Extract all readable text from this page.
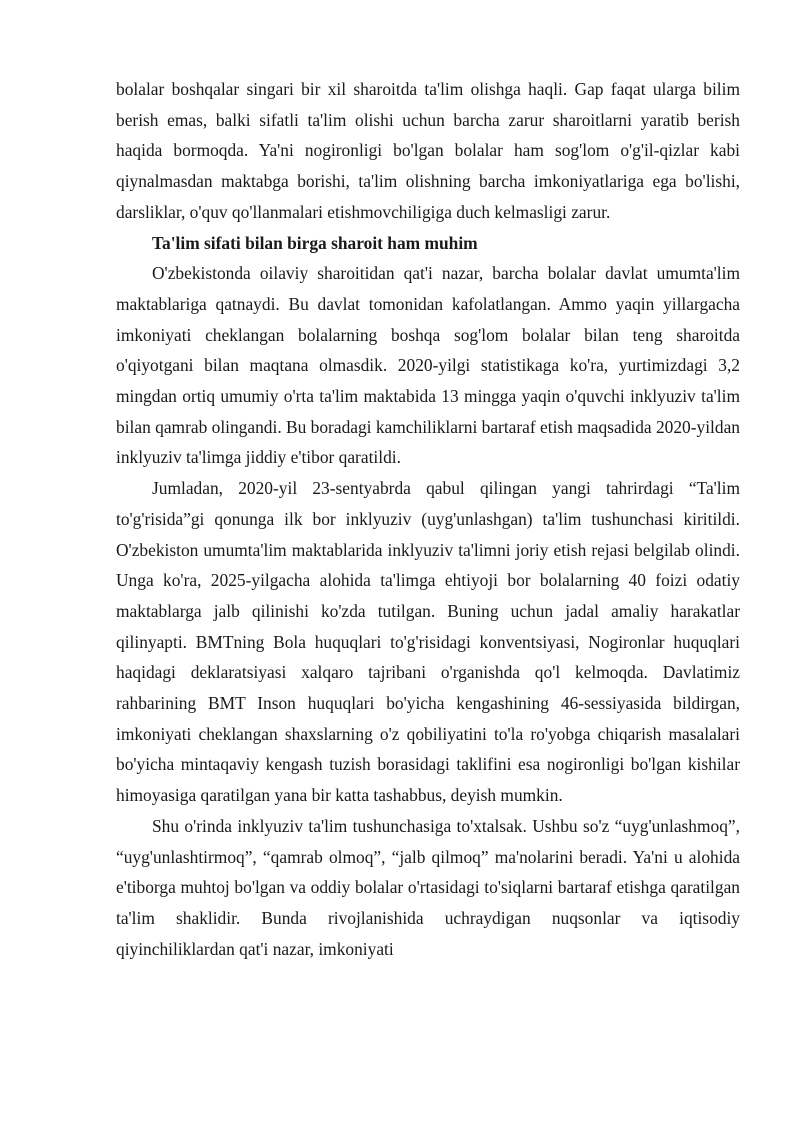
bolalar boshqalar singari bir xil sharoitda ta'lim olishga haqli. Gap faqat ularga bilim berish emas, balki sifatli ta'lim olishi uchun barcha zarur sharoitlarni yaratib berish haqida bormoqda. Ya'ni nogironligi bo'lgan bolalar ham sog'lom o'g'il-qizlar kabi qiynalmasdan maktabga borishi, ta'lim olishning barcha imkoniyatlariga ega bo'lishi, darsliklar, o'quv qo'llanmalari etishmovchiligiga duch kelmasligi zarur.

Ta'lim sifati bilan birga sharoit ham muhim

O'zbekistonda oilaviy sharoitidan qat'i nazar, barcha bolalar davlat umumta'lim maktablariga qatnaydi. Bu davlat tomonidan kafolatlangan. Ammo yaqin yillargacha imkoniyati cheklangan bolalarning boshqa sog'lom bolalar bilan teng sharoitda o'qiyotgani bilan maqtana olmasdik. 2020-yilgi statistikaga ko'ra, yurtimizdagi 3,2 mingdan ortiq umumiy o'rta ta'lim maktabida 13 mingga yaqin o'quvchi inklyuziv ta'lim bilan qamrab olingandi. Bu boradagi kamchiliklarni bartaraf etish maqsadida 2020-yildan inklyuziv ta'limga jiddiy e'tibor qaratildi.

Jumladan, 2020-yil 23-sentyabrda qabul qilingan yangi tahrirdagi “Ta'lim to'g'risida”gi qonunga ilk bor inklyuziv (uyg'unlashgan) ta'lim tushunchasi kiritildi. O'zbekiston umumta'lim maktablarida inklyuziv ta'limni joriy etish rejasi belgilab olindi. Unga ko'ra, 2025-yilgacha alohida ta'limga ehtiyoji bor bolalarning 40 foizi odatiy maktablarga jalb qilinishi ko'zda tutilgan. Buning uchun jadal amaliy harakatlar qilinyapti. BMTning Bola huquqlari to'g'risidagi konventsiyasi, Nogironlar huquqlari haqidagi deklaratsiyasi xalqaro tajribani o'rganishda qo'l kelmoqda. Davlatimiz rahbarining BMT Inson huquqlari bo'yicha kengashining 46-sessiyasida bildirgan, imkoniyati cheklangan shaxslarning o'z qobiliyatini to'la ro'yobga chiqarish masalalari bo'yicha mintaqaviy kengash tuzish borasidagi taklifini esa nogironligi bo'lgan kishilar himoyasiga qaratilgan yana bir katta tashabbus, deyish mumkin.

Shu o'rinda inklyuziv ta'lim tushunchasiga to'xtalsak. Ushbu so'z “uyg'unlashmoq”, “uyg'unlashtirmoq”, “qamrab olmoq”, “jalb qilmoq” ma'nolarini beradi. Ya'ni u alohida e'tiborga muhtoj bo'lgan va oddiy bolalar o'rtasidagi to'siqlarni bartaraf etishga qaratilgan ta'lim shaklidir. Bunda rivojlanishida uchraydigan nuqsonlar va iqtisodiy qiyinchiliklardan qat'i nazar, imkoniyati
